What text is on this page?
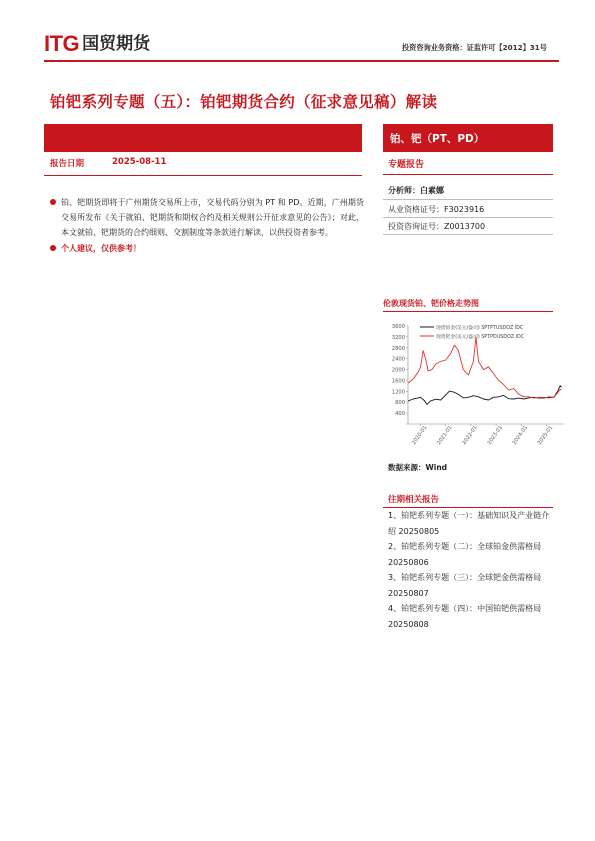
ITG 国贸期货	投资咨询业务资格：证监许可【2012】31号
铂钯系列专题（五）：铂钯期货合约（征求意见稿）解读
报告日期	2025-08-11
铂、钯期货即将于广州期货交易所上市，交易代码分别为 PT 和 PD。近期，广州期货交易所发布《关于就铂、钯期货和期权合约及相关规则公开征求意见的公告》；对此，本文就铂、钯期货的合约细则、交割制度等条款进行解读，以供投资者参考。
个人建议，仅供参考！
铂、钯（PT、PD）
专题报告
分析师：白素娜
从业资格证号：F3023916
投资咨询证号：Z0013700
伦敦现货铂、钯价格走势图
400
800
1200
1600
2000
2400
2800
3200
3600
2020-01 2021-01 2022-01 2023-01 2024-01 2025-01
现货铂金(美元/盎司) SPTPTUSDOZ IDC
现货钯金(美元/盎司) SPTPDUSDOZ IDC
数据来源：Wind
往期相关报告
1、铂钯系列专题（一）：基础知识及产业链介绍 20250805
2、铂钯系列专题（二）：全球铂金供需格局 20250806
3、铂钯系列专题（三）：全球钯金供需格局 20250807
4、铂钯系列专题（四）：中国铂钯供需格局 20250808
